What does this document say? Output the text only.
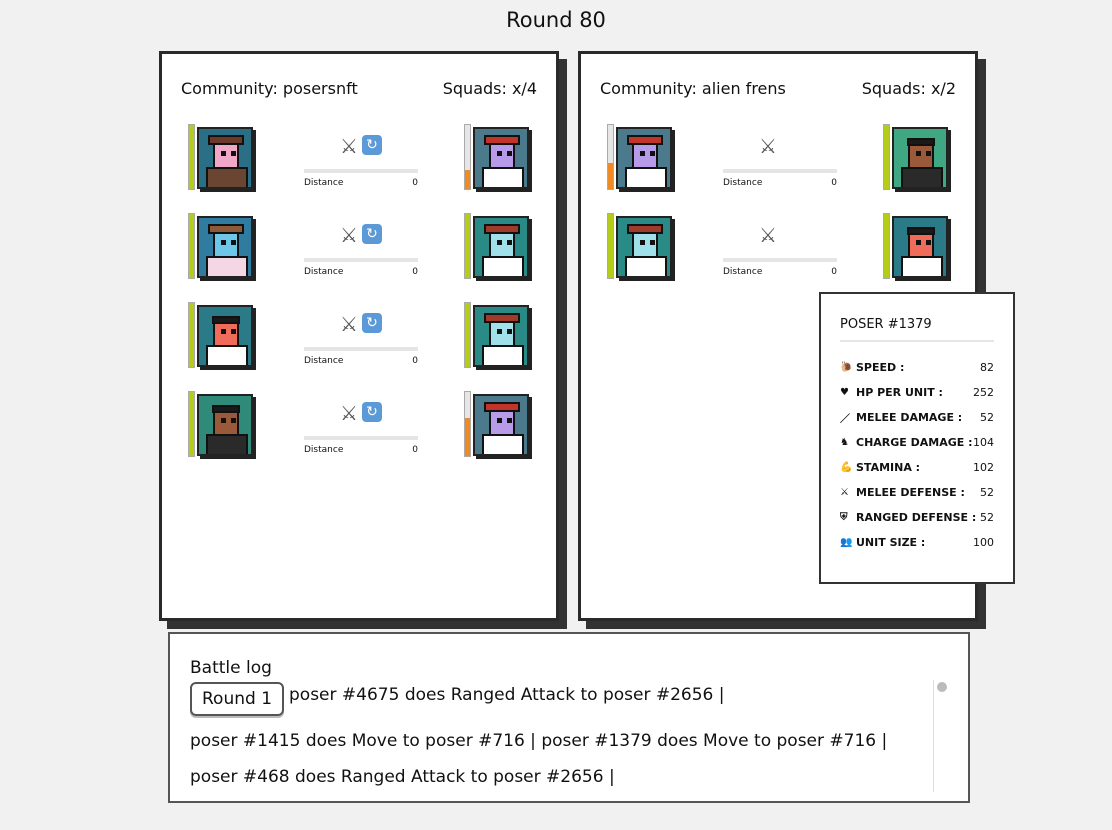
Round 80
Community: posersnft	Squads: x/4
⚔ ↻
Distance	0
⚔ ↻
Distance	0
⚔ ↻
Distance	0
⚔ ↻
Distance	0
Community: alien frens	Squads: x/2
⚔
Distance	0
⚔
Distance	0
POSER #1379
🐌 SPEED :	82
♥ HP PER UNIT :	252
／ MELEE DAMAGE : 52
♞ CHARGE DAMAGE : 104
💪 STAMINA :	102
⚔ MELEE DEFENSE : 52
⛨ RANGED DEFENSE : 52
👥 UNIT SIZE :	100
Battle log
Round 1 poser #4675 does Ranged Attack to poser #2656 |
poser #1415 does Move to poser #716 | poser #1379 does Move to poser #716 |
poser #468 does Ranged Attack to poser #2656 |
